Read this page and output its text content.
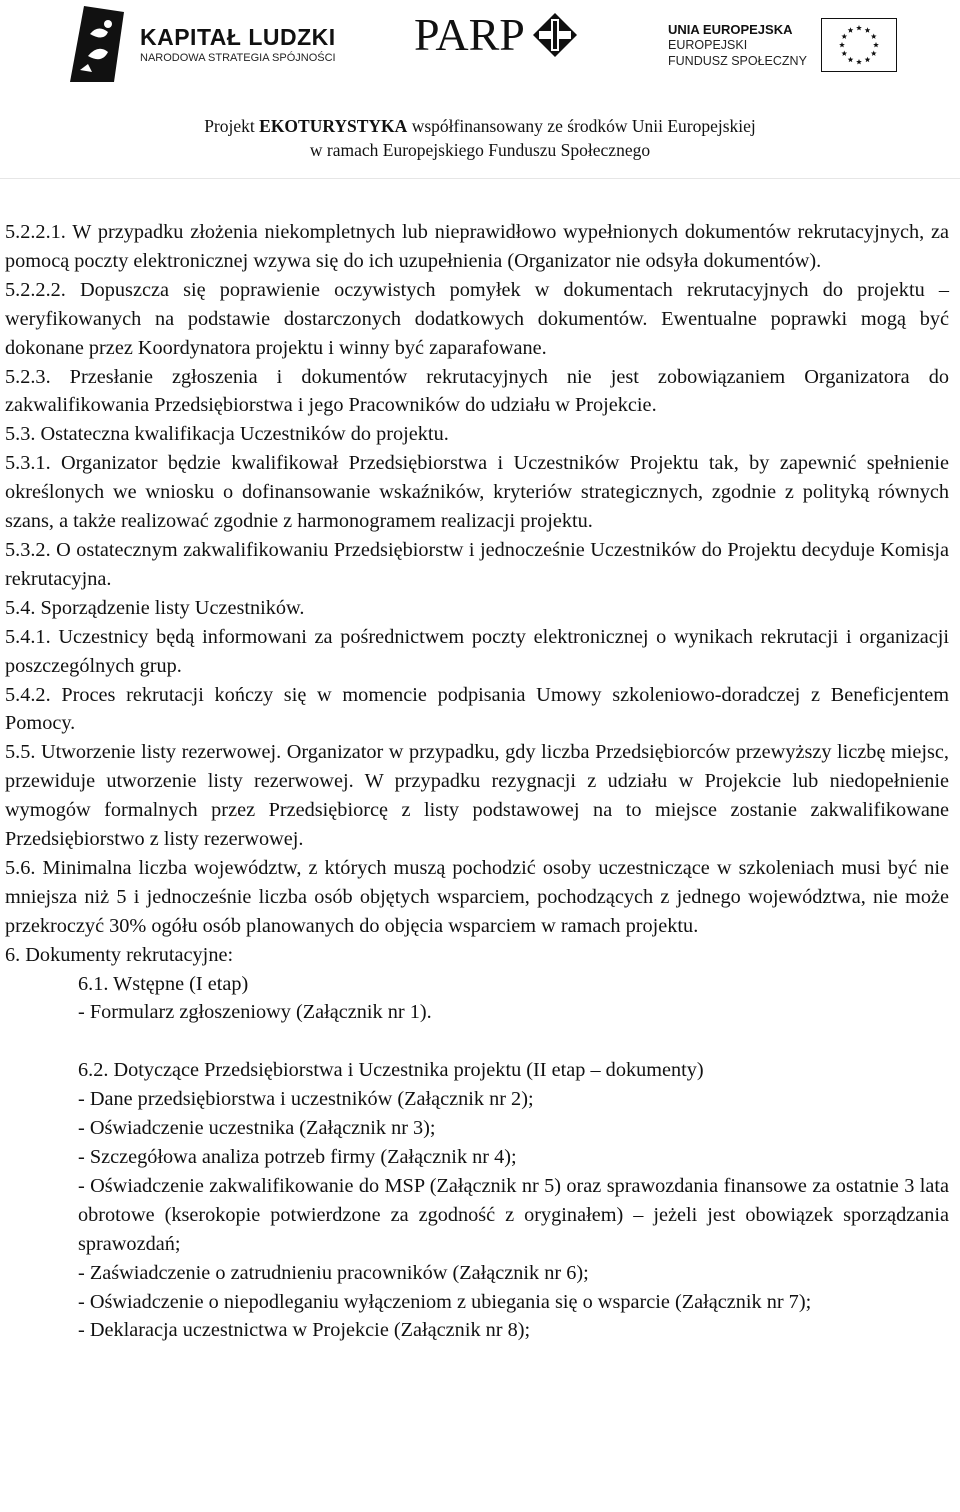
KAPITAŁ LUDZKI
NARODOWA STRATEGIA SPÓJNOŚCI PARP	UNIA EUROPEJSKA
EUROPEJSKI
FUNDUSZ SPOŁECZNY
Projekt EKOTURYSTYKA współfinansowany ze środków Unii Europejskiej
w ramach Europejskiego Funduszu Społecznego

5.2.2.1. W przypadku złożenia niekompletnych lub nieprawidłowo wypełnionych dokumentów rekrutacyjnych, za pomocą poczty elektronicznej wzywa się do ich uzupełnienia (Organizator nie odsyła dokumentów).

5.2.2.2. Dopuszcza się poprawienie oczywistych pomyłek w dokumentach rekrutacyjnych do projektu – weryfikowanych na podstawie dostarczonych dodatkowych dokumentów. Ewentualne poprawki mogą być dokonane przez Koordynatora projektu i winny być zaparafowane.

5.2.3. Przesłanie zgłoszenia i dokumentów rekrutacyjnych nie jest zobowiązaniem Organizatora do zakwalifikowania Przedsiębiorstwa i jego Pracowników do udziału w Projekcie.

5.3. Ostateczna kwalifikacja Uczestników do projektu.

5.3.1. Organizator będzie kwalifikował Przedsiębiorstwa i Uczestników Projektu tak, by zapewnić spełnienie określonych we wniosku o dofinansowanie wskaźników, kryteriów strategicznych, zgodnie z polityką równych szans, a także realizować zgodnie z harmonogramem realizacji projektu.

5.3.2. O ostatecznym zakwalifikowaniu Przedsiębiorstw i jednocześnie Uczestników do Projektu decyduje Komisja rekrutacyjna.

5.4. Sporządzenie listy Uczestników.

5.4.1. Uczestnicy będą informowani za pośrednictwem poczty elektronicznej o wynikach rekrutacji i organizacji poszczególnych grup.

5.4.2. Proces rekrutacji kończy się w momencie podpisania Umowy szkoleniowo-doradczej z Beneficjentem Pomocy.

5.5. Utworzenie listy rezerwowej. Organizator w przypadku, gdy liczba Przedsiębiorców przewyższy liczbę miejsc, przewiduje utworzenie listy rezerwowej. W przypadku rezygnacji z udziału w Projekcie lub niedopełnienie wymogów formalnych przez Przedsiębiorcę z listy podstawowej na to miejsce zostanie zakwalifikowane Przedsiębiorstwo z listy rezerwowej.

5.6. Minimalna liczba województw, z których muszą pochodzić osoby uczestniczące w szkoleniach musi być nie mniejsza niż 5 i jednocześnie liczba osób objętych wsparciem, pochodzących z jednego województwa, nie może przekroczyć 30% ogółu osób planowanych do objęcia wsparciem w ramach projektu.

6. Dokumenty rekrutacyjne:

6.1. Wstępne (I etap)

- Formularz zgłoszeniowy (Załącznik nr 1).

6.2. Dotyczące Przedsiębiorstwa i Uczestnika projektu (II etap – dokumenty)

- Dane przedsiębiorstwa i uczestników (Załącznik nr 2);

- Oświadczenie uczestnika (Załącznik nr 3);

- Szczegółowa analiza potrzeb firmy (Załącznik nr 4);

- Oświadczenie zakwalifikowanie do MSP (Załącznik nr 5) oraz sprawozdania finansowe za ostatnie 3 lata obrotowe (kserokopie potwierdzone za zgodność z oryginałem) – jeżeli jest obowiązek sporządzania sprawozdań;

- Zaświadczenie o zatrudnieniu pracowników (Załącznik nr 6);

- Oświadczenie o niepodleganiu wyłączeniom z ubiegania się o wsparcie (Załącznik nr 7);

- Deklaracja uczestnictwa w Projekcie (Załącznik nr 8);
